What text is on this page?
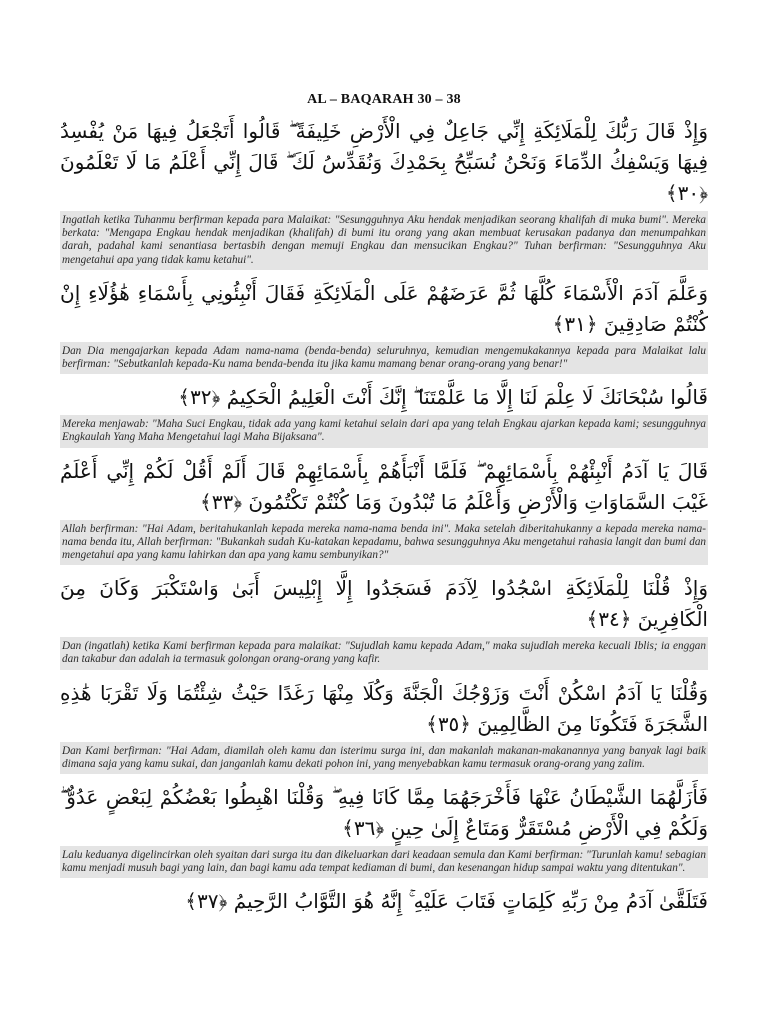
AL – BAQARAH 30 – 38

وَإِذْ قَالَ رَبُّكَ لِلْمَلَائِكَةِ إِنِّي جَاعِلٌ فِي الْأَرْضِ خَلِيفَةً ۖ قَالُوا أَتَجْعَلُ فِيهَا مَنْ يُفْسِدُ فِيهَا وَيَسْفِكُ الدِّمَاءَ وَنَحْنُ نُسَبِّحُ بِحَمْدِكَ وَنُقَدِّسُ لَكَ ۖ قَالَ إِنِّي أَعْلَمُ مَا لَا تَعْلَمُونَ ﴿٣٠﴾

Ingatlah ketika Tuhanmu berfirman kepada para Malaikat: "Sesungguhnya Aku hendak menjadikan seorang khalifah di muka bumi". Mereka berkata: "Mengapa Engkau hendak menjadikan (khalifah) di bumi itu orang yang akan membuat kerusakan padanya dan menumpahkan darah, padahal kami senantiasa bertasbih dengan memuji Engkau dan mensucikan Engkau?" Tuhan berfirman: "Sesungguhnya Aku mengetahui apa yang tidak kamu ketahui".

وَعَلَّمَ آدَمَ الْأَسْمَاءَ كُلَّهَا ثُمَّ عَرَضَهُمْ عَلَى الْمَلَائِكَةِ فَقَالَ أَنْبِئُونِي بِأَسْمَاءِ هَٰؤُلَاءِ إِنْ كُنْتُمْ صَادِقِينَ ﴿٣١﴾

Dan Dia mengajarkan kepada Adam nama-nama (benda-benda) seluruhnya, kemudian mengemukakannya kepada para Malaikat lalu berfirman: "Sebutkanlah kepada-Ku nama benda-benda itu jika kamu mamang benar orang-orang yang benar!"

قَالُوا سُبْحَانَكَ لَا عِلْمَ لَنَا إِلَّا مَا عَلَّمْتَنَا ۖ إِنَّكَ أَنْتَ الْعَلِيمُ الْحَكِيمُ ﴿٣٢﴾

Mereka menjawab: "Maha Suci Engkau, tidak ada yang kami ketahui selain dari apa yang telah Engkau ajarkan kepada kami; sesungguhnya Engkaulah Yang Maha Mengetahui lagi Maha Bijaksana".

قَالَ يَا آدَمُ أَنْبِئْهُمْ بِأَسْمَائِهِمْ ۖ فَلَمَّا أَنْبَأَهُمْ بِأَسْمَائِهِمْ قَالَ أَلَمْ أَقُلْ لَكُمْ إِنِّي أَعْلَمُ غَيْبَ السَّمَاوَاتِ وَالْأَرْضِ وَأَعْلَمُ مَا تُبْدُونَ وَمَا كُنْتُمْ تَكْتُمُونَ ﴿٣٣﴾

Allah berfirman: "Hai Adam, beritahukanlah kepada mereka nama-nama benda ini". Maka setelah diberitahukanny a kepada mereka nama-nama benda itu, Allah berfirman: "Bukankah sudah Ku-katakan kepadamu, bahwa sesungguhnya Aku mengetahui rahasia langit dan bumi dan mengetahui apa yang kamu lahirkan dan apa yang kamu sembunyikan?"

وَإِذْ قُلْنَا لِلْمَلَائِكَةِ اسْجُدُوا لِآدَمَ فَسَجَدُوا إِلَّا إِبْلِيسَ أَبَىٰ وَاسْتَكْبَرَ وَكَانَ مِنَ الْكَافِرِينَ ﴿٣٤﴾

Dan (ingatlah) ketika Kami berfirman kepada para malaikat: "Sujudlah kamu kepada Adam," maka sujudlah mereka kecuali Iblis; ia enggan dan takabur dan adalah ia termasuk golongan orang-orang yang kafir.

وَقُلْنَا يَا آدَمُ اسْكُنْ أَنْتَ وَزَوْجُكَ الْجَنَّةَ وَكُلَا مِنْهَا رَغَدًا حَيْثُ شِئْتُمَا وَلَا تَقْرَبَا هَٰذِهِ الشَّجَرَةَ فَتَكُونَا مِنَ الظَّالِمِينَ ﴿٣٥﴾

Dan Kami berfirman: "Hai Adam, diamilah oleh kamu dan isterimu surga ini, dan makanlah makanan-makanannya yang banyak lagi baik dimana saja yang kamu sukai, dan janganlah kamu dekati pohon ini, yang menyebabkan kamu termasuk orang-orang yang zalim.

فَأَزَلَّهُمَا الشَّيْطَانُ عَنْهَا فَأَخْرَجَهُمَا مِمَّا كَانَا فِيهِ ۖ وَقُلْنَا اهْبِطُوا بَعْضُكُمْ لِبَعْضٍ عَدُوٌّ ۖ وَلَكُمْ فِي الْأَرْضِ مُسْتَقَرٌّ وَمَتَاعٌ إِلَىٰ حِينٍ ﴿٣٦﴾

Lalu keduanya digelincirkan oleh syaitan dari surga itu dan dikeluarkan dari keadaan semula dan Kami berfirman: "Turunlah kamu! sebagian kamu menjadi musuh bagi yang lain, dan bagi kamu ada tempat kediaman di bumi, dan kesenangan hidup sampai waktu yang ditentukan".

فَتَلَقَّىٰ آدَمُ مِنْ رَبِّهِ كَلِمَاتٍ فَتَابَ عَلَيْهِ ۚ إِنَّهُ هُوَ التَّوَّابُ الرَّحِيمُ ﴿٣٧﴾
